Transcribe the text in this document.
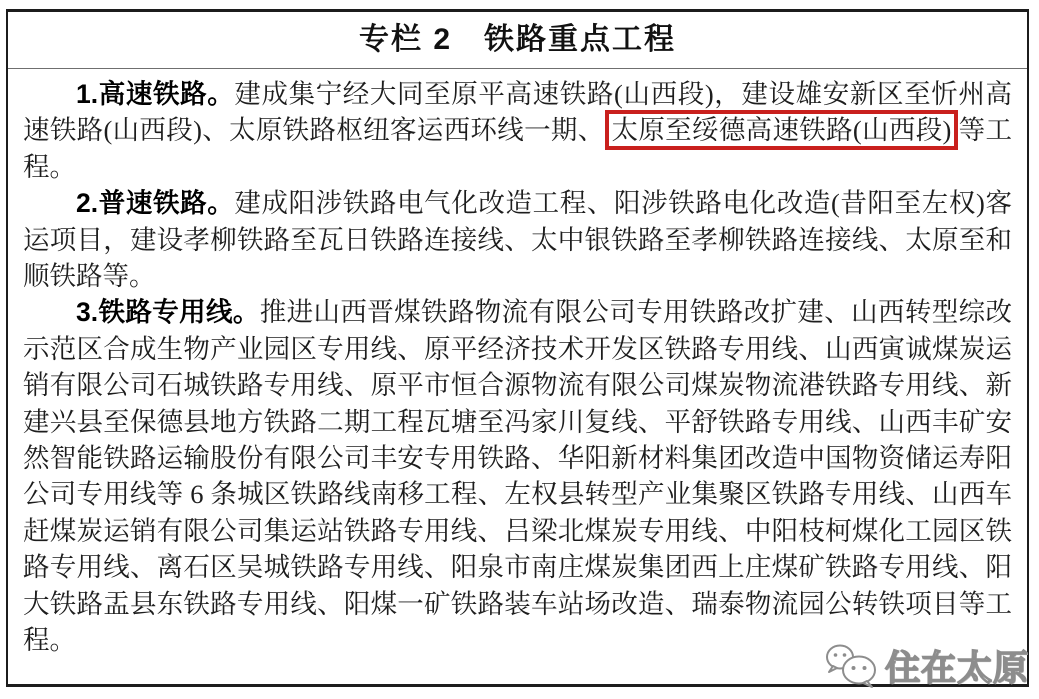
专栏 2　铁路重点工程

1.高速铁路。建成集宁经大同至原平高速铁路(山西段)，建设雄安新区至忻州高速铁路(山西段)、太原铁路枢纽客运西环线一期、 太原至绥德高速铁路(山西段) 等工程。

2.普速铁路。建成阳涉铁路电气化改造工程、阳涉铁路电化改造(昔阳至左权)客运项目，建设孝柳铁路至瓦日铁路连接线、太中银铁路至孝柳铁路连接线、太原至和顺铁路等。

3.铁路专用线。推进山西晋煤铁路物流有限公司专用铁路改扩建、山西转型综改示范区合成生物产业园区专用线、原平经济技术开发区铁路专用线、山西寅诚煤炭运销有限公司石城铁路专用线、原平市恒合源物流有限公司煤炭物流港铁路专用线、新建兴县至保德县地方铁路二期工程瓦塘至冯家川复线、平舒铁路专用线、山西丰矿安然智能铁路运输股份有限公司丰安专用铁路、华阳新材料集团改造中国物资储运寿阳公司专用线等 6 条城区铁路线南移工程、左权县转型产业集聚区铁路专用线、山西车赶煤炭运销有限公司集运站铁路专用线、吕梁北煤炭专用线、中阳枝柯煤化工园区铁路专用线、离石区吴城铁路专用线、阳泉市南庄煤炭集团西上庄煤矿铁路专用线、阳大铁路盂县东铁路专用线、阳煤一矿铁路装车站场改造、瑞泰物流园公转铁项目等工程。

住在太原
